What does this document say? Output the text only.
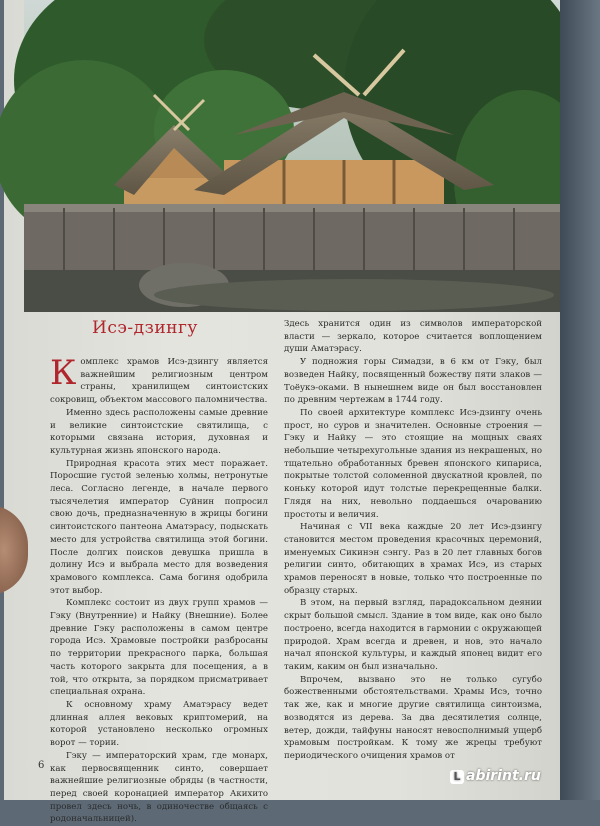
Исэ-дзингу

Комплекс храмов Исэ-дзингу является важнейшим религиозным центром страны, хранилищем синтоистских сокровищ, объектом массового паломничества.

Именно здесь расположены самые древние и великие синтоистские святилища, с которыми связана история, духовная и культурная жизнь японского народа.

Природная красота этих мест поражает. Поросшие густой зеленью холмы, нетронутые леса. Согласно легенде, в начале первого тысячелетия император Суйнин попросил свою дочь, предназначенную в жрицы богини синтоистского пантеона Аматэрасу, подыскать место для устройства святилища этой богини. После долгих поисков девушка пришла в долину Исэ и выбрала место для возведения храмового комплекса. Сама богиня одобрила этот выбор.

Комплекс состоит из двух групп храмов — Гэку (Внутренние) и Найку (Внешние). Более древние Гэку расположены в самом центре города Исэ. Храмовые постройки разбросаны по территории прекрасного парка, большая часть которого закрыта для посещения, а в той, что открыта, за порядком присматривает специальная охрана.

К основному храму Аматэрасу ведет длинная аллея вековых криптомерий, на которой установлено несколько огромных ворот — тории.

Гэку — императорский храм, где монарх, как первосвященник синто, совершает важнейшие религиозные обряды (в частности, перед своей коронацией император Акихито провел здесь ночь, в одиночестве общаясь с родоначальницей).

Здесь хранится один из символов императорской власти — зеркало, которое считается воплощением души Аматэрасу.

У подножия горы Симадзи, в 6 км от Гэку, был возведен Найку, посвященный божеству пяти злаков — Тоёукэ-оками. В нынешнем виде он был восстановлен по древним чертежам в 1744 году.

По своей архитектуре комплекс Исэ-дзингу очень прост, но суров и значителен. Основные строения — Гэку и Найку — это стоящие на мощных сваях небольшие четырехугольные здания из некрашеных, но тщательно обработанных бревен японского кипариса, покрытые толстой соломенной двускатной кровлей, по коньку которой идут толстые перекрещенные балки. Глядя на них, невольно поддаешься очарованию простоты и величия.

Начиная с VII века каждые 20 лет Исэ-дзингу становится местом проведения красочных церемоний, именуемых Сикинэн сэнгу. Раз в 20 лет главных богов религии синто, обитающих в храмах Исэ, из старых храмов переносят в новые, только что построенные по образцу старых.

В этом, на первый взгляд, парадоксальном деянии скрыт большой смысл. Здание в том виде, как оно было построено, всегда находится в гармонии с окружающей природой. Храм всегда и древен, и нов, это начало начал японской культуры, и каждый японец видит его таким, каким он был изначально.

Впрочем, вызвано это не только сугубо божественными обстоятельствами. Храмы Исэ, точно так же, как и многие другие святилища синтоизма, возводятся из дерева. За два десятилетия солнце, ветер, дожди, тайфуны наносят невосполнимый ущерб храмовым постройкам. К тому же жрецы требуют периодического очищения храмов от

6
L abirint.ru
